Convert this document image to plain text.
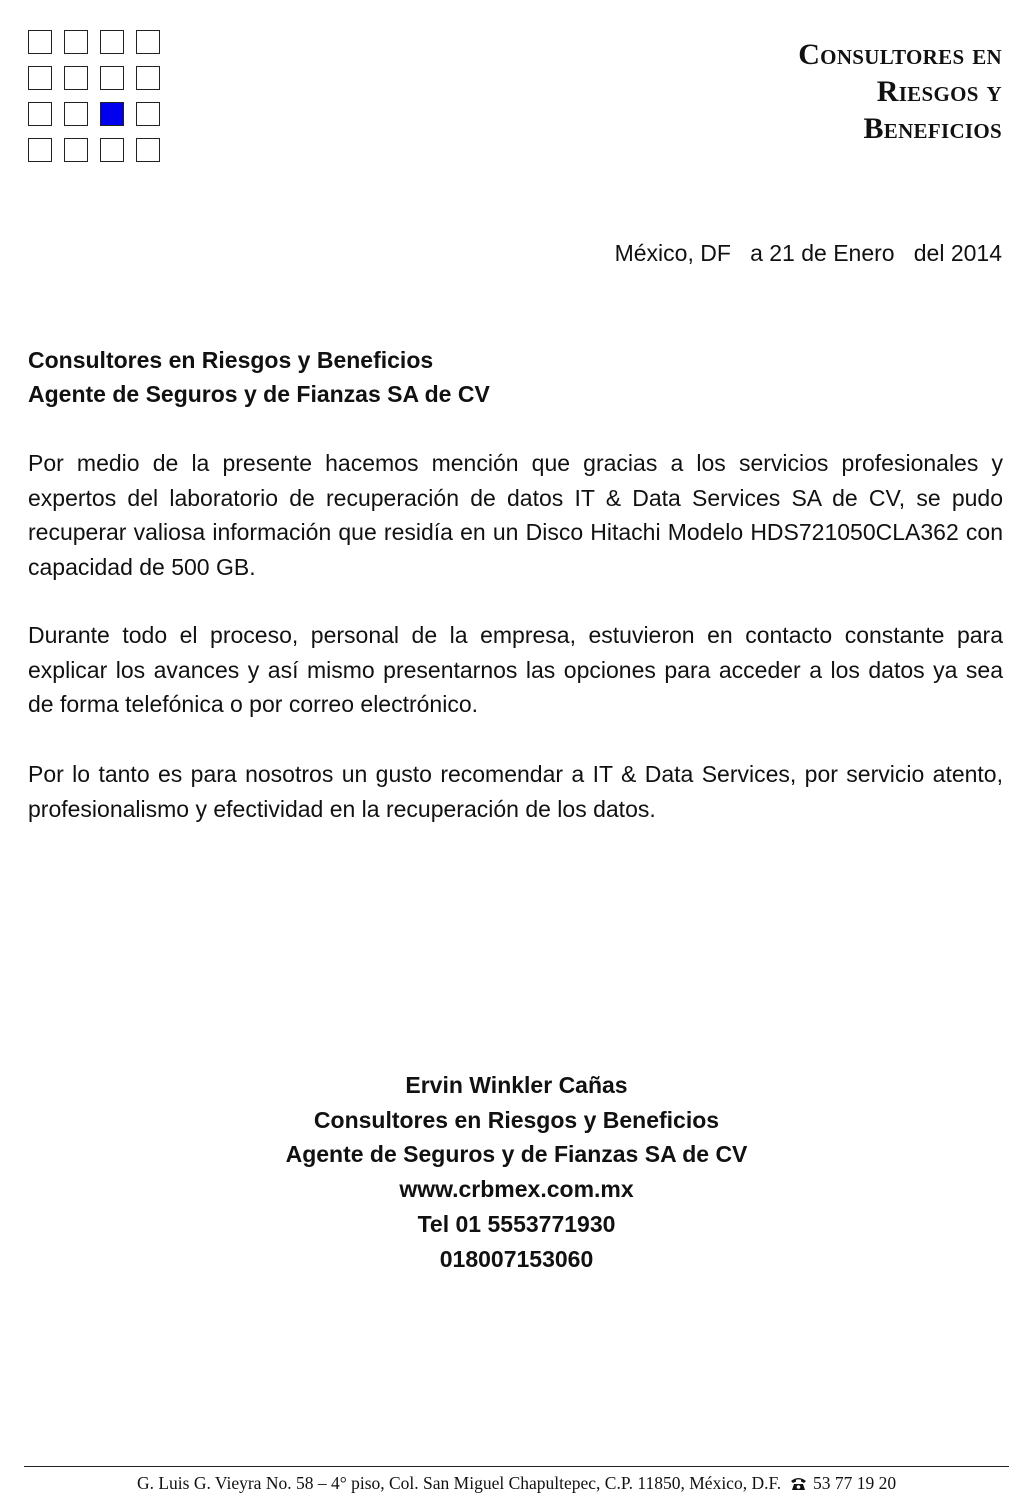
Consultores en
Riesgos y
Beneficios
México, DF   a 21 de Enero   del 2014
Consultores en Riesgos y Beneficios
Agente de Seguros y de Fianzas SA de CV
Por medio de la presente hacemos mención que gracias a los servicios profesionales y expertos del laboratorio de recuperación de datos IT & Data Services SA de CV, se pudo recuperar valiosa información que residía en un Disco Hitachi Modelo HDS721050CLA362 con capacidad de 500 GB.
Durante todo el proceso, personal de la empresa, estuvieron en contacto constante para explicar los avances y así mismo presentarnos las opciones para acceder a los datos ya sea de forma telefónica o por correo electrónico.
Por lo tanto es para nosotros un gusto recomendar a IT & Data Services, por servicio atento, profesionalismo y efectividad en la recuperación de los datos.
Ervin Winkler Cañas
Consultores en Riesgos y Beneficios
Agente de Seguros y de Fianzas SA de CV
www.crbmex.com.mx
Tel 01 5553771930
018007153060
G. Luis G. Vieyra No. 58 – 4° piso, Col. San Miguel Chapultepec, C.P. 11850, México, D.F. 53 77 19 20
